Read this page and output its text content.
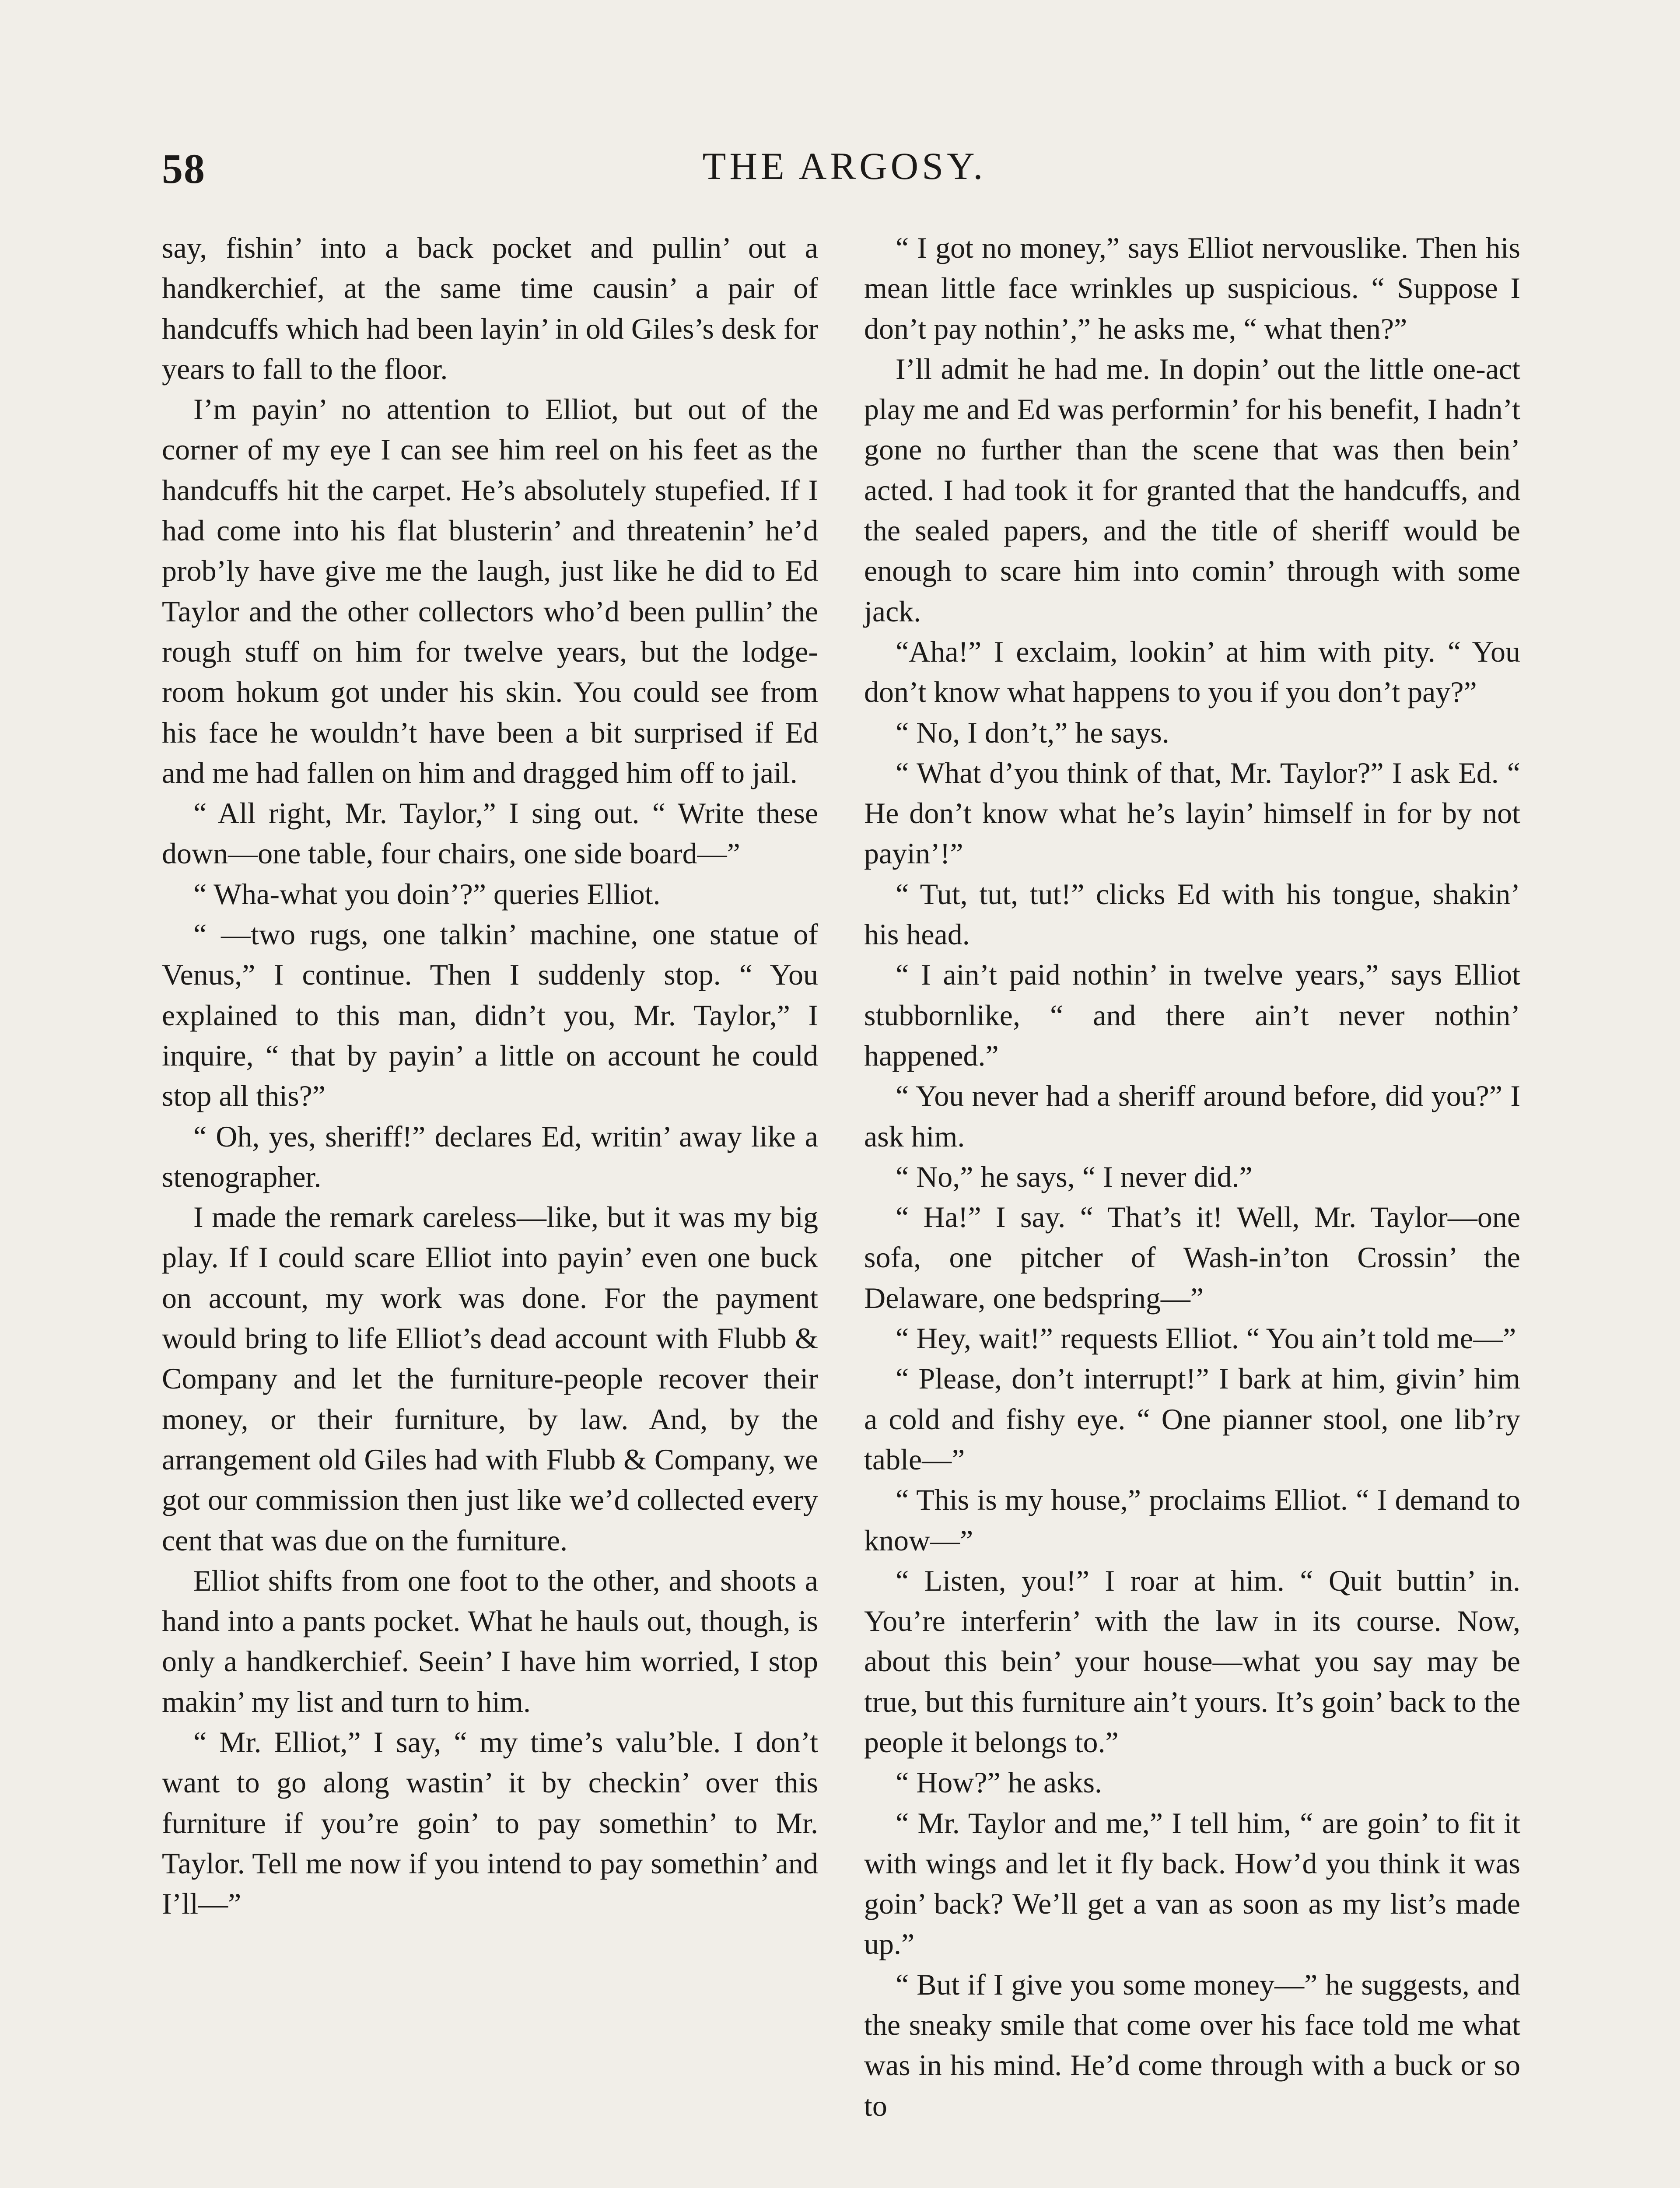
58	THE ARGOSY.

say, fishin’ into a back pocket and pullin’ out a handkerchief, at the same time causin’ a pair of handcuffs which had been layin’ in old Giles’s desk for years to fall to the floor.

I’m payin’ no attention to Elliot, but out of the corner of my eye I can see him reel on his feet as the handcuffs hit the carpet. He’s absolutely stupefied. If I had come into his flat blusterin’ and threatenin’ he’d prob’ly have give me the laugh, just like he did to Ed Taylor and the other collectors who’d been pullin’ the rough stuff on him for twelve years, but the lodge-room hokum got under his skin. You could see from his face he wouldn’t have been a bit surprised if Ed and me had fallen on him and dragged him off to jail.

“ All right, Mr. Taylor,” I sing out. “ Write these down—one table, four chairs, one side board—”

“ Wha-what you doin’?” queries Elliot.

“ —two rugs, one talkin’ machine, one statue of Venus,” I continue. Then I suddenly stop. “ You explained to this man, didn’t you, Mr. Taylor,” I inquire, “ that by payin’ a little on account he could stop all this?”

“ Oh, yes, sheriff!” declares Ed, writin’ away like a stenographer.

I made the remark careless—like, but it was my big play. If I could scare Elliot into payin’ even one buck on account, my work was done. For the payment would bring to life Elliot’s dead account with Flubb & Company and let the furniture-people recover their money, or their furniture, by law. And, by the arrangement old Giles had with Flubb & Company, we got our commission then just like we’d collected every cent that was due on the furniture.

Elliot shifts from one foot to the other, and shoots a hand into a pants pocket. What he hauls out, though, is only a handkerchief. Seein’ I have him worried, I stop makin’ my list and turn to him.

“ Mr. Elliot,” I say, “ my time’s valu’ble. I don’t want to go along wastin’ it by checkin’ over this furniture if you’re goin’ to pay somethin’ to Mr. Taylor. Tell me now if you intend to pay somethin’ and I’ll—”

“ I got no money,” says Elliot nervouslike. Then his mean little face wrinkles up suspicious. “ Suppose I don’t pay nothin’,” he asks me, “ what then?”

I’ll admit he had me. In dopin’ out the little one-act play me and Ed was performin’ for his benefit, I hadn’t gone no further than the scene that was then bein’ acted. I had took it for granted that the handcuffs, and the sealed papers, and the title of sheriff would be enough to scare him into comin’ through with some jack.

“Aha!” I exclaim, lookin’ at him with pity. “ You don’t know what happens to you if you don’t pay?”

“ No, I don’t,” he says.

“ What d’you think of that, Mr. Taylor?” I ask Ed. “ He don’t know what he’s layin’ himself in for by not payin’!”

“ Tut, tut, tut!” clicks Ed with his tongue, shakin’ his head.

“ I ain’t paid nothin’ in twelve years,” says Elliot stubbornlike, “ and there ain’t never nothin’ happened.”

“ You never had a sheriff around before, did you?” I ask him.

“ No,” he says, “ I never did.”

“ Ha!” I say. “ That’s it! Well, Mr. Taylor—one sofa, one pitcher of Wash-in’ton Crossin’ the Delaware, one bedspring—”

“ Hey, wait!” requests Elliot. “ You ain’t told me—”

“ Please, don’t interrupt!” I bark at him, givin’ him a cold and fishy eye. “ One pianner stool, one lib’ry table—”

“ This is my house,” proclaims Elliot. “ I demand to know—”

“ Listen, you!” I roar at him. “ Quit buttin’ in. You’re interferin’ with the law in its course. Now, about this bein’ your house—what you say may be true, but this furniture ain’t yours. It’s goin’ back to the people it belongs to.”

“ How?” he asks.

“ Mr. Taylor and me,” I tell him, “ are goin’ to fit it with wings and let it fly back. How’d you think it was goin’ back? We’ll get a van as soon as my list’s made up.”

“ But if I give you some money—” he suggests, and the sneaky smile that come over his face told me what was in his mind. He’d come through with a buck or so to
